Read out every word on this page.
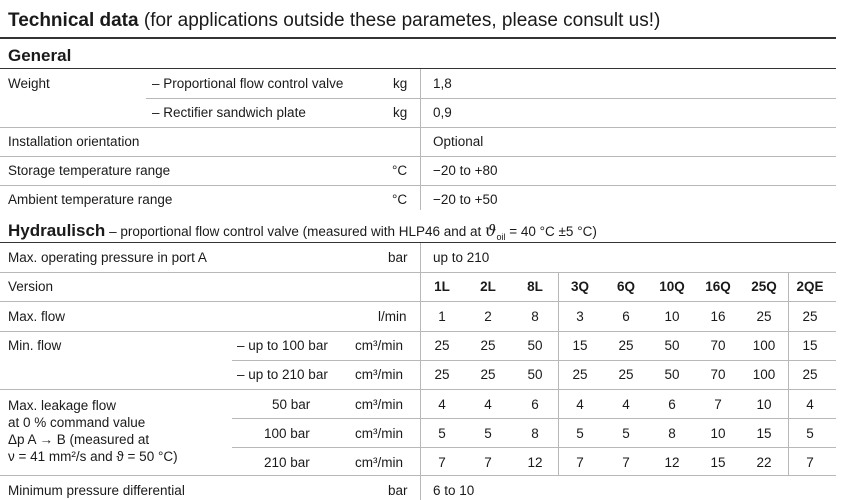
Technical data (for applications outside these parametes, please consult us!)
General
Weight	– Proportional flow control valve	kg 1,8
– Rectifier sandwich plate	kg 0,9
Installation orientation	Optional
Storage temperature range	°C −20 to +80
Ambient temperature range	°C −20 to +50
Hydraulisch – proportional flow control valve (measured with HLP46 and at $ϑ_{oil} = 40$ °C ±5 °C)
Max. operating pressure in port A	bar up to 210
Version	1L	2L	8L	3Q	6Q	10Q	16Q	25Q	2QE
Max. flow	l/min	1	2	8	3	6	10	16	25	25
Min. flow	– up to 100 bar cm³/min	25	25	50	15	25	50	70	100	15
– up to 210 bar cm³/min	25	25	50	25	25	50	70	100	25
Max. leakage flow
at 0 % command value
Δp A → B (measured at
ν = 41 mm²/s and ϑ = 50 °C)
50 bar	cm³/min	4	4	6	4	4	6	7	10	4
100 bar	cm³/min	5	5	8	5	5	8	10	15	5
210 bar	cm³/min	7	7	12	7	7	12	15	22	7
Minimum pressure differential	bar 6 to 10
